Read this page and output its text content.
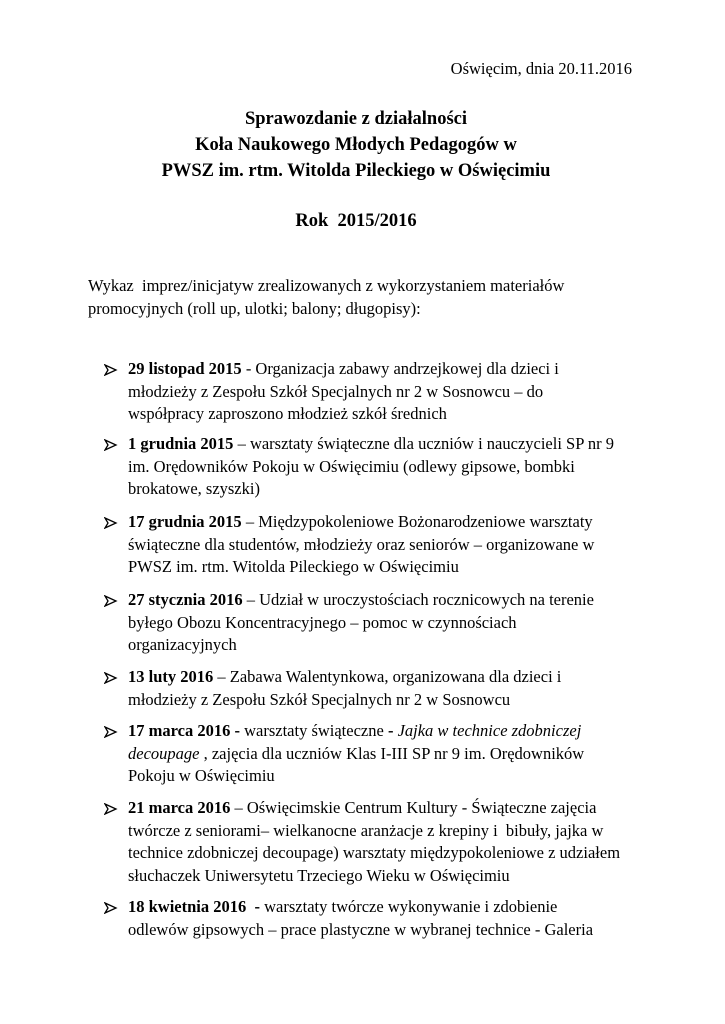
Oświęcim, dnia 20.11.2016
Sprawozdanie z działalności
Koła Naukowego Młodych Pedagogów w
PWSZ im. rtm. Witolda Pileckiego w Oświęcimiu
Rok  2015/2016
Wykaz  imprez/inicjatyw zrealizowanych z wykorzystaniem materiałów
promocyjnych (roll up, ulotki; balony; długopisy):
29 listopad 2015 - Organizacja zabawy andrzejkowej dla dzieci i
młodzieży z Zespołu Szkół Specjalnych nr 2 w Sosnowcu – do
współpracy zaproszono młodzież szkół średnich
1 grudnia 2015 – warsztaty świąteczne dla uczniów i nauczycieli SP nr 9
im. Orędowników Pokoju w Oświęcimiu (odlewy gipsowe, bombki
brokatowe, szyszki)
17 grudnia 2015 – Międzypokoleniowe Bożonarodzeniowe warsztaty
świąteczne dla studentów, młodzieży oraz seniorów – organizowane w
PWSZ im. rtm. Witolda Pileckiego w Oświęcimiu
27 stycznia 2016 – Udział w uroczystościach rocznicowych na terenie
byłego Obozu Koncentracyjnego – pomoc w czynnościach
organizacyjnych
13 luty 2016 – Zabawa Walentynkowa, organizowana dla dzieci i
młodzieży z Zespołu Szkół Specjalnych nr 2 w Sosnowcu
17 marca 2016 - warsztaty świąteczne - Jajka w technice zdobniczej
decoupage , zajęcia dla uczniów Klas I-III SP nr 9 im. Orędowników
Pokoju w Oświęcimiu
21 marca 2016 – Oświęcimskie Centrum Kultury - Świąteczne zajęcia
twórcze z seniorami– wielkanocne aranżacje z krepiny i  bibuły, jajka w
technice zdobniczej decoupage) warsztaty międzypokoleniowe z udziałem
słuchaczek Uniwersytetu Trzeciego Wieku w Oświęcimiu
18 kwietnia 2016  - warsztaty twórcze wykonywanie i zdobienie
odlewów gipsowych – prace plastyczne w wybranej technice - Galeria
